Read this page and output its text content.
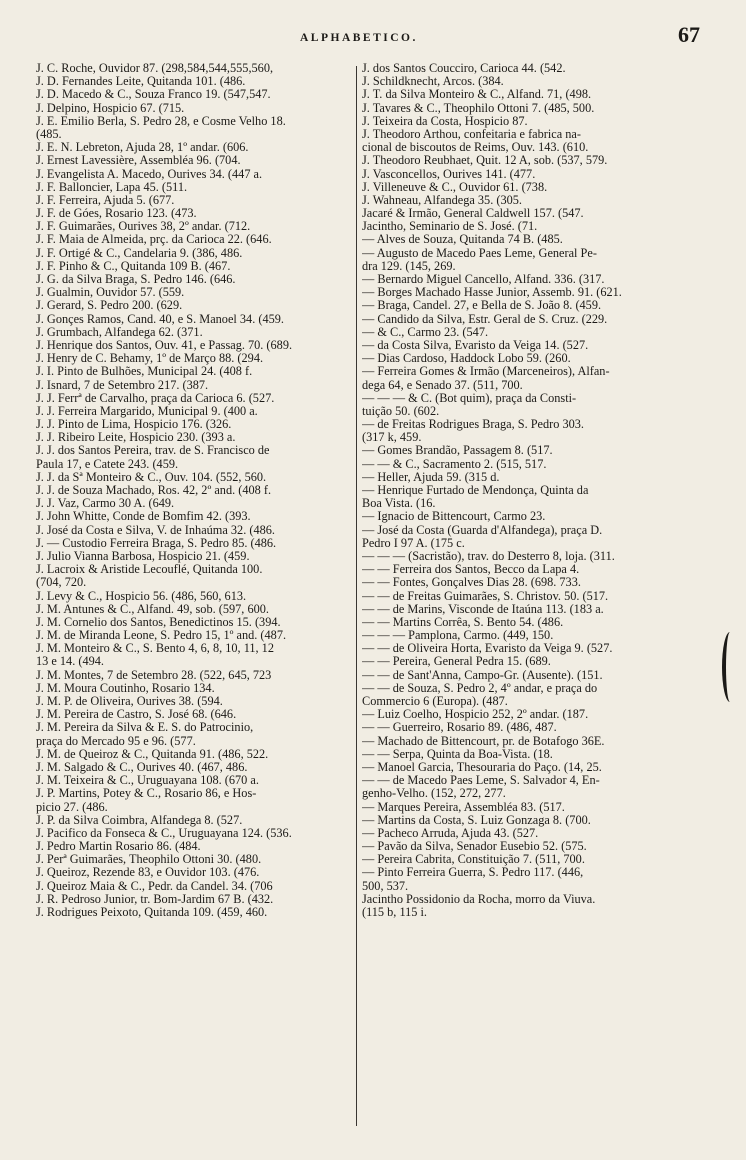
ALPHABETICO.	67
J. C. Roche, Ouvidor 87. (298,584,544,555,560,
J. D. Fernandes Leite, Quitanda 101. (486.
J. D. Macedo & C., Souza Franco 19. (547,547.
J. Delpino, Hospicio 67. (715.
J. E. Emilio Berla, S. Pedro 28, e Cosme Velho 18.
(485.
J. E. N. Lebreton, Ajuda 28, 1º andar. (606.
J. Ernest Lavessière, Assembléa 96. (704.
J. Evangelista A. Macedo, Ourives 34. (447 a.
J. F. Balloncier, Lapa 45. (511.
J. F. Ferreira, Ajuda 5. (677.
J. F. de Góes, Rosario 123. (473.
J. F. Guimarães, Ourives 38, 2º andar. (712.
J. F. Maia de Almeida, prç. da Carioca 22. (646.
J. F. Ortigé & C., Candelaria 9. (386, 486.
J. F. Pinho & C., Quitanda 109 B. (467.
J. G. da Silva Braga, S. Pedro 146. (646.
J. Gualmin, Ouvidor 57. (559.
J. Gerard, S. Pedro 200. (629.
J. Gonçes Ramos, Cand. 40, e S. Manoel 34. (459.
J. Grumbach, Alfandega 62. (371.
J. Henrique dos Santos, Ouv. 41, e Passag. 70. (689.
J. Henry de C. Behamy, 1º de Março 88. (294.
J. I. Pinto de Bulhões, Municipal 24. (408 f.
J. Isnard, 7 de Setembro 217. (387.
J. J. Ferrª de Carvalho, praça da Carioca 6. (527.
J. J. Ferreira Margarido, Municipal 9. (400 a.
J. J. Pinto de Lima, Hospicio 176. (326.
J. J. Ribeiro Leite, Hospicio 230. (393 a.
J. J. dos Santos Pereira, trav. de S. Francisco de
Paula 17, e Catete 243. (459.
J. J. da Sª Monteiro & C., Ouv. 104. (552, 560.
J. J. de Souza Machado, Ros. 42, 2º and. (408 f.
J. J. Vaz, Carmo 30 A. (649.
J. John Whitte, Conde de Bomfim 42. (393.
J. José da Costa e Silva, V. de Inhaúma 32. (486.
J. — Custodio Ferreira Braga, S. Pedro 85. (486.
J. Julio Vianna Barbosa, Hospicio 21. (459.
J. Lacroix & Aristide Lecouflé, Quitanda 100.
(704, 720.
J. Levy & C., Hospicio 56. (486, 560, 613.
J. M. Antunes & C., Alfand. 49, sob. (597, 600.
J. M. Cornelio dos Santos, Benedictinos 15. (394.
J. M. de Miranda Leone, S. Pedro 15, 1º and. (487.
J. M. Monteiro & C., S. Bento 4, 6, 8, 10, 11, 12
13 e 14. (494.
J. M. Montes, 7 de Setembro 28. (522, 645, 723
J. M. Moura Coutinho, Rosario 134.
J. M. P. de Oliveira, Ourives 38. (594.
J. M. Pereira de Castro, S. José 68. (646.
J. M. Pereira da Silva & E. S. do Patrocinio,
praça do Mercado 95 e 96. (577.
J. M. de Queiroz & C., Quitanda 91. (486, 522.
J. M. Salgado & C., Ourives 40. (467, 486.
J. M. Teixeira & C., Uruguayana 108. (670 a.
J. P. Martins, Potey & C., Rosario 86, e Hos-
picio 27. (486.
J. P. da Silva Coimbra, Alfandega 8. (527.
J. Pacifico da Fonseca & C., Uruguayana 124. (536.
J. Pedro Martin Rosario 86. (484.
J. Perª Guimarães, Theophilo Ottoni 30. (480.
J. Queiroz, Rezende 83, e Ouvidor 103. (476.
J. Queiroz Maia & C., Pedr. da Candel. 34. (706
J. R. Pedroso Junior, tr. Bom-Jardim 67 B. (432.
J. Rodrigues Peixoto, Quitanda 109. (459, 460.
J. dos Santos Coucciro, Carioca 44. (542.
J. Schildknecht, Arcos. (384.
J. T. da Silva Monteiro & C., Alfand. 71, (498.
J. Tavares & C., Theophilo Ottoni 7. (485, 500.
J. Teixeira da Costa, Hospicio 87.
J. Theodoro Arthou, confeitaria e fabrica na-
cional de biscoutos de Reims, Ouv. 143. (610.
J. Theodoro Reubhaet, Quit. 12 A, sob. (537, 579.
J. Vasconcellos, Ourives 141. (477.
J. Villeneuve & C., Ouvidor 61. (738.
J. Wahneau, Alfandega 35. (305.
Jacaré & Irmão, General Caldwell 157. (547.
Jacintho, Seminario de S. José. (71.
— Alves de Souza, Quitanda 74 B. (485.
— Augusto de Macedo Paes Leme, General Pe-
dra 129. (145, 269.
— Bernardo Miguel Cancello, Alfand. 336. (317.
— Borges Machado Hasse Junior, Assemb. 91. (621.
— Braga, Candel. 27, e Bella de S. João 8. (459.
— Candido da Silva, Estr. Geral de S. Cruz. (229.
— & C., Carmo 23. (547.
— da Costa Silva, Evaristo da Veiga 14. (527.
— Dias Cardoso, Haddock Lobo 59. (260.
— Ferreira Gomes & Irmão (Marceneiros), Alfan-
dega 64, e Senado 37. (511, 700.
— — — & C. (Bot quim), praça da Consti-
tuição 50. (602.
— de Freitas Rodrigues Braga, S. Pedro 303.
(317 k, 459.
— Gomes Brandão, Passagem 8. (517.
— — & C., Sacramento 2. (515, 517.
— Heller, Ajuda 59. (315 d.
— Henrique Furtado de Mendonça, Quinta da
Boa Vista. (16.
— Ignacio de Bittencourt, Carmo 23.
— José da Costa (Guarda d'Alfandega), praça D.
Pedro I 97 A. (175 c.
— — — (Sacristão), trav. do Desterro 8, loja. (311.
— — Ferreira dos Santos, Becco da Lapa 4.
— — Fontes, Gonçalves Dias 28. (698. 733.
— — de Freitas Guimarães, S. Christov. 50. (517.
— — de Marins, Visconde de Itaúna 113. (183 a.
— — Martins Corrêa, S. Bento 54. (486.
— — — Pamplona, Carmo. (449, 150.
— — de Oliveira Horta, Evaristo da Veiga 9. (527.
— — Pereira, General Pedra 15. (689.
— — de Sant'Anna, Campo-Gr. (Ausente). (151.
— — de Souza, S. Pedro 2, 4º andar, e praça do
Commercio 6 (Europa). (487.
— Luiz Coelho, Hospicio 252, 2º andar. (187.
— — Guerreiro, Rosario 89. (486, 487.
— Machado de Bittencourt, pr. de Botafogo 36E.
— — Serpa, Quinta da Boa-Vista. (18.
— Manoel Garcia, Thesouraria do Paço. (14, 25.
— — de Macedo Paes Leme, S. Salvador 4, En-
genho-Velho. (152, 272, 277.
— Marques Pereira, Assembléa 83. (517.
— Martins da Costa, S. Luiz Gonzaga 8. (700.
— Pacheco Arruda, Ajuda 43. (527.
— Pavão da Silva, Senador Eusebio 52. (575.
— Pereira Cabrita, Constituição 7. (511, 700.
— Pinto Ferreira Guerra, S. Pedro 117. (446,
500, 537.
Jacintho Possidonio da Rocha, morro da Viuva.
(115 b, 115 i.
